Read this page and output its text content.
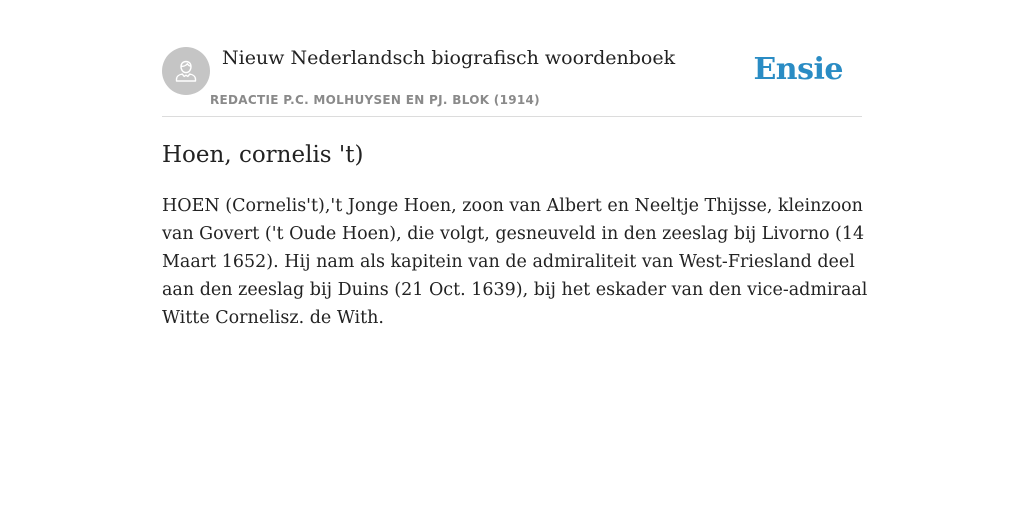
Nieuw Nederlandsch biografisch woordenboek
REDACTIE P.C. MOLHUYSEN EN PJ. BLOK (1914)
Ensie
Hoen, cornelis 't)

HOEN (Cornelis't),'t Jonge Hoen, zoon van Albert en Neeltje Thijsse, kleinzoon van Govert ('t Oude Hoen), die volgt, gesneuveld in den zeeslag bij Livorno (14 Maart 1652). Hij nam als kapitein van de admiraliteit van West-Friesland deel aan den zeeslag bij Duins (21 Oct. 1639), bij het eskader van den vice-admiraal Witte Cornelisz. de With.
